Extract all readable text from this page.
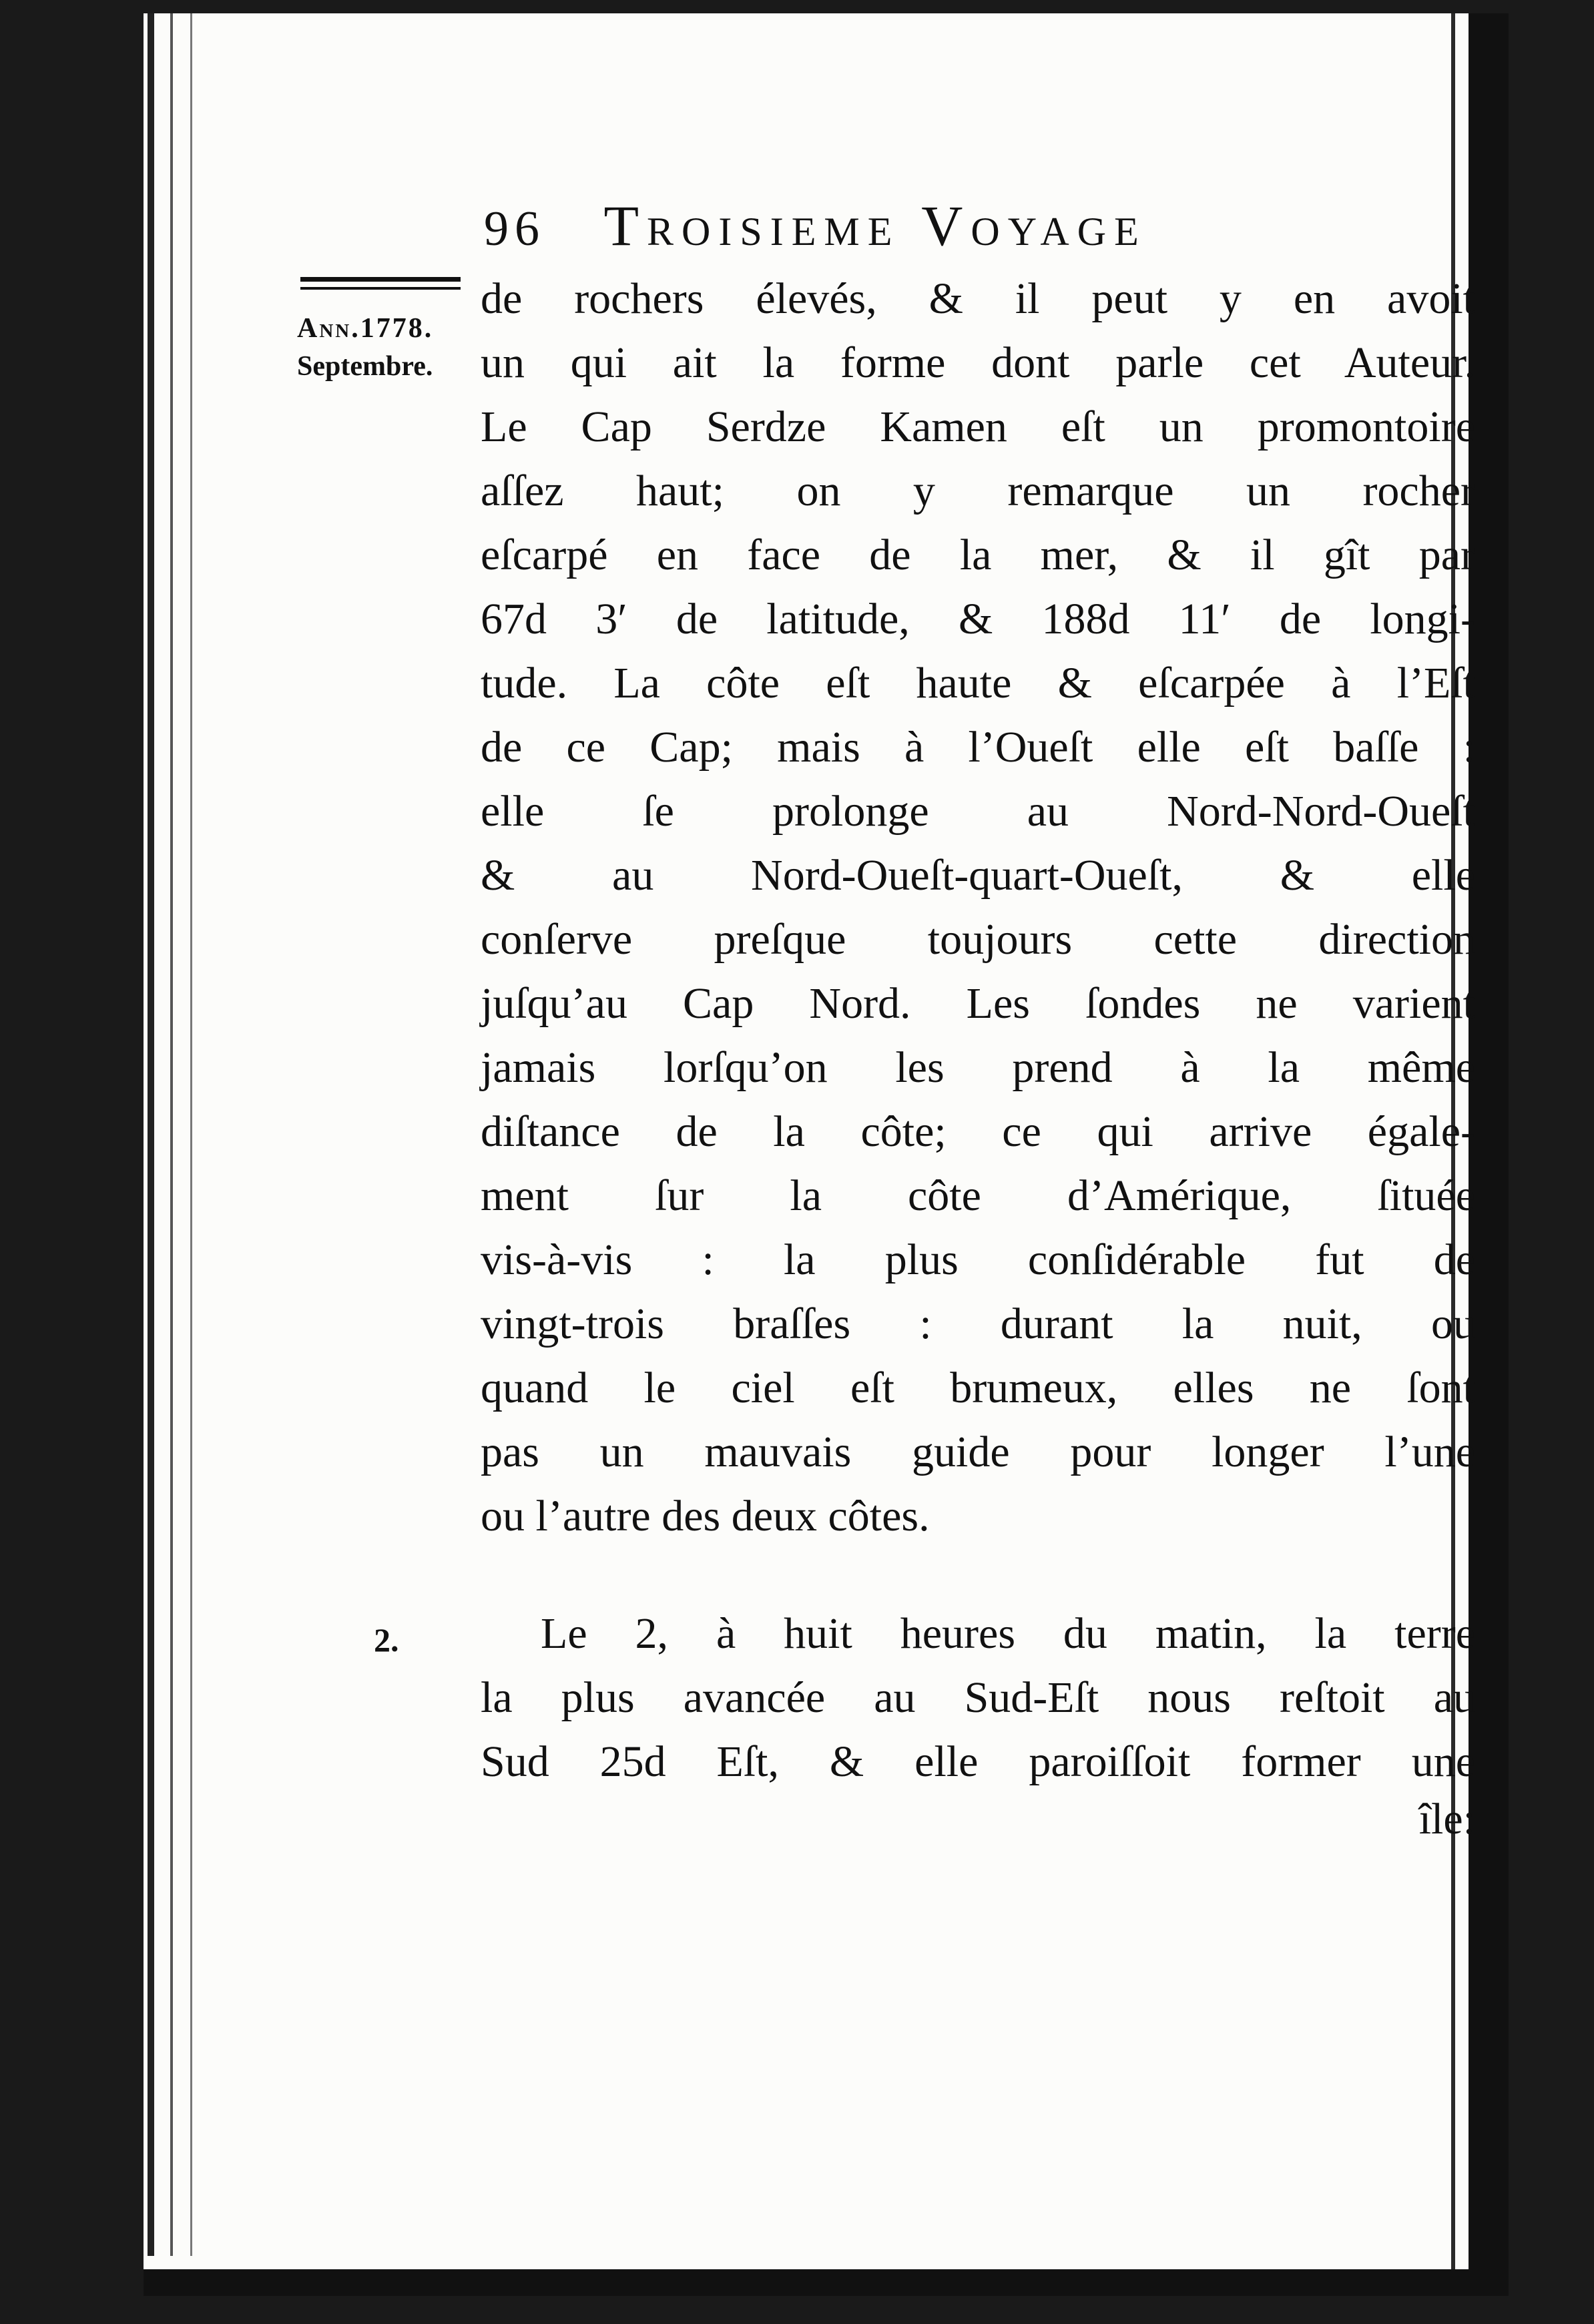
96 Troisieme Voyage
Ann.1778.
Septembre.
2.
de rochers élevés, & il peut y en avoit
un qui ait la forme dont parle cet Auteur.
Le Cap Serdze Kamen eſt un promontoire
aſſez haut; on y remarque un rocher
eſcarpé en face de la mer, & il gît par
67d 3′ de latitude, & 188d 11′ de longi-
tude. La côte eſt haute & eſcarpée à l’Eſt
de ce Cap; mais à l’Oueſt elle eſt baſſe :
elle ſe prolonge au Nord-Nord-Oueſt
& au Nord-Oueſt-quart-Oueſt, & elle
conſerve preſque toujours cette direction
juſqu’au Cap Nord. Les ſondes ne varient
jamais lorſqu’on les prend à la même
diſtance de la côte; ce qui arrive égale-
ment ſur la côte d’Amérique, ſituée
vis-à-vis : la plus conſidérable fut de
vingt-trois braſſes : durant la nuit, ou
quand le ciel eſt brumeux, elles ne ſont
pas un mauvais guide pour longer l’une
ou l’autre des deux côtes.
Le 2, à huit heures du matin, la terre
la plus avancée au Sud-Eſt nous reſtoit au
Sud 25d Eſt, & elle paroiſſoit former une
île:
